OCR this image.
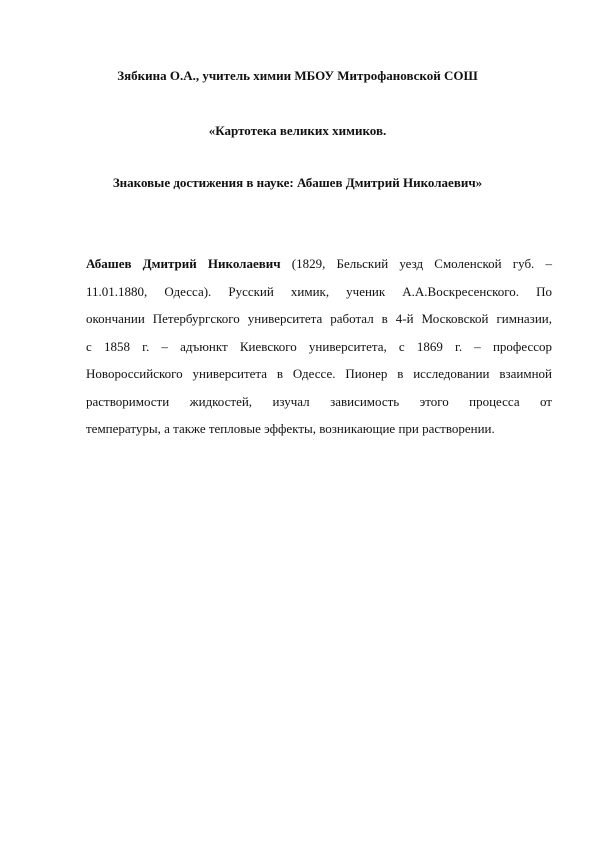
Зябкина О.А., учитель химии МБОУ Митрофановской СОШ
«Картотека великих химиков.
Знаковые достижения в науке: Абашев Дмитрий Николаевич»
Абашев Дмитрий Николаевич (1829, Бельский уезд Смоленской губ. –
11.01.1880, Одесса). Русский химик, ученик А.А.Воскресенского. По
окончании Петербургского университета работал в 4-й Московской гимназии,
с 1858 г. – адъюнкт Киевского университета, с 1869 г. – профессор
Новороссийского университета в Одессе. Пионер в исследовании взаимной
растворимости жидкостей, изучал зависимость этого процесса от
температуры, а также тепловые эффекты, возникающие при растворении.
